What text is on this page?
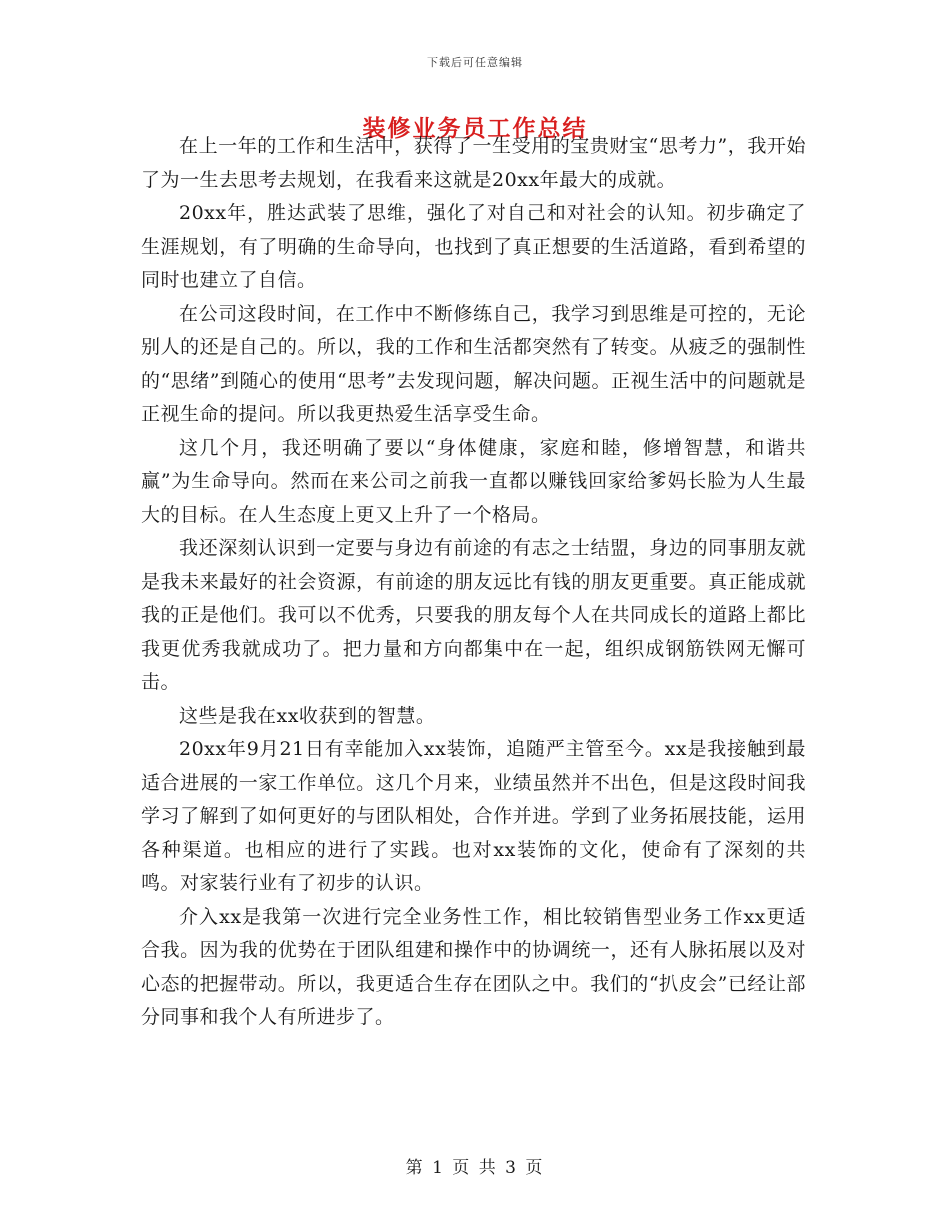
下载后可任意编辑
装修业务员工作总结

在上一年的工作和生活中，获得了一生受用的宝贵财宝“思考力”，我开始了为一生去思考去规划，在我看来这就是20xx年最大的成就。

20xx年，胜达武装了思维，强化了对自己和对社会的认知。初步确定了生涯规划，有了明确的生命导向，也找到了真正想要的生活道路，看到希望的同时也建立了自信。

在公司这段时间，在工作中不断修练自己，我学习到思维是可控的，无论别人的还是自己的。所以，我的工作和生活都突然有了转变。从疲乏的强制性的“思绪”到随心的使用“思考”去发现问题，解决问题。正视生活中的问题就是正视生命的提问。所以我更热爱生活享受生命。

这几个月，我还明确了要以“身体健康，家庭和睦，修增智慧，和谐共赢”为生命导向。然而在来公司之前我一直都以赚钱回家给爹妈长脸为人生最大的目标。在人生态度上更又上升了一个格局。

我还深刻认识到一定要与身边有前途的有志之士结盟，身边的同事朋友就是我未来最好的社会资源，有前途的朋友远比有钱的朋友更重要。真正能成就我的正是他们。我可以不优秀，只要我的朋友每个人在共同成长的道路上都比我更优秀我就成功了。把力量和方向都集中在一起，组织成钢筋铁网无懈可击。

这些是我在xx收获到的智慧。

20xx年9月21日有幸能加入xx装饰，追随严主管至今。xx是我接触到最适合进展的一家工作单位。这几个月来，业绩虽然并不出色，但是这段时间我学习了解到了如何更好的与团队相处，合作并进。学到了业务拓展技能，运用各种渠道。也相应的进行了实践。也对xx装饰的文化，使命有了深刻的共鸣。对家装行业有了初步的认识。

介入xx是我第一次进行完全业务性工作，相比较销售型业务工作xx更适合我。因为我的优势在于团队组建和操作中的协调统一，还有人脉拓展以及对心态的把握带动。所以，我更适合生存在团队之中。我们的“扒皮会”已经让部分同事和我个人有所进步了。

第 1 页 共 3 页
